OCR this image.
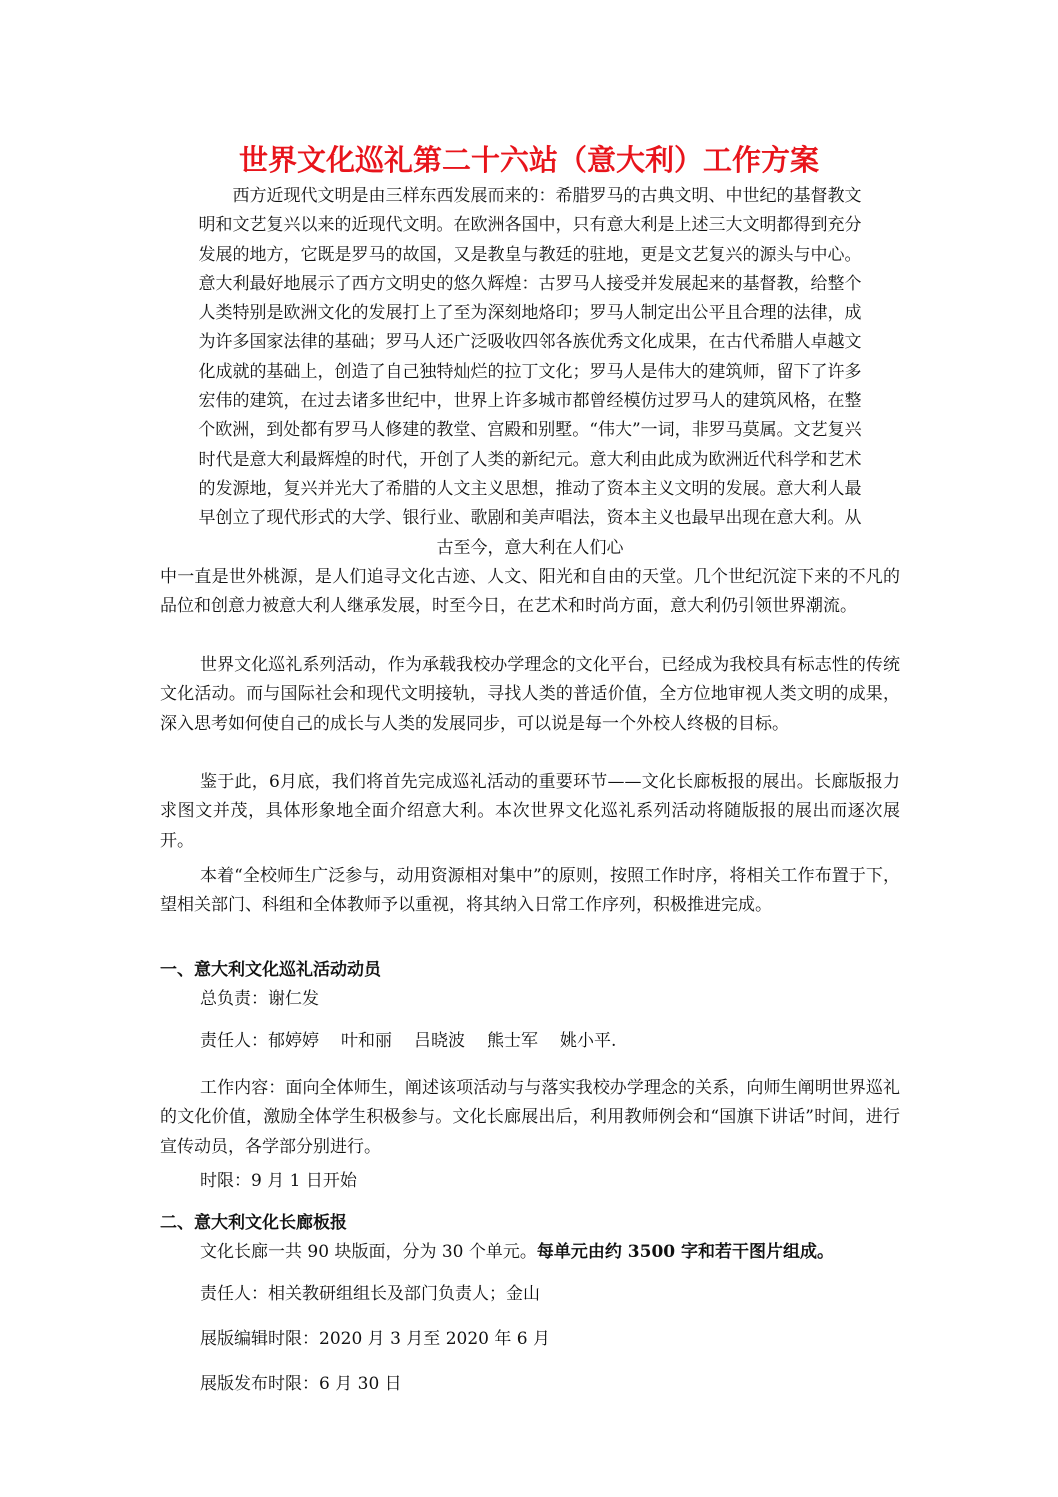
世界文化巡礼第二十六站（意大利）工作方案

　　西方近现代文明是由三样东西发展而来的：希腊罗马的古典文明、中世纪的基督教文

明和文艺复兴以来的近现代文明。在欧洲各国中，只有意大利是上述三大文明都得到充分

发展的地方，它既是罗马的故国，又是教皇与教廷的驻地，更是文艺复兴的源头与中心。

意大利最好地展示了西方文明史的悠久辉煌：古罗马人接受并发展起来的基督教，给整个

人类特别是欧洲文化的发展打上了至为深刻地烙印；罗马人制定出公平且合理的法律，成

为许多国家法律的基础；罗马人还广泛吸收四邻各族优秀文化成果，在古代希腊人卓越文

化成就的基础上，创造了自己独特灿烂的拉丁文化；罗马人是伟大的建筑师，留下了许多

宏伟的建筑，在过去诸多世纪中，世界上许多城市都曾经模仿过罗马人的建筑风格，在整

个欧洲，到处都有罗马人修建的教堂、宫殿和别墅。“伟大”一词，非罗马莫属。文艺复兴

时代是意大利最辉煌的时代，开创了人类的新纪元。意大利由此成为欧洲近代科学和艺术

的发源地，复兴并光大了希腊的人文主义思想，推动了资本主义文明的发展。意大利人最

早创立了现代形式的大学、银行业、歌剧和美声唱法，资本主义也最早出现在意大利。从

古至今，意大利在人们心

中一直是世外桃源，是人们追寻文化古迹、人文、阳光和自由的天堂。几个世纪沉淀下来的不凡的品位和创意力被意大利人继承发展，时至今日，在艺术和时尚方面，意大利仍引领世界潮流。

世界文化巡礼系列活动，作为承载我校办学理念的文化平台，已经成为我校具有标志性的传统文化活动。而与国际社会和现代文明接轨，寻找人类的普适价值，全方位地审视人类文明的成果，深入思考如何使自己的成长与人类的发展同步，可以说是每一个外校人终极的目标。

鉴于此，6月底，我们将首先完成巡礼活动的重要环节——文化长廊板报的展出。长廊版报力求图文并茂，具体形象地全面介绍意大利。本次世界文化巡礼系列活动将随版报的展出而逐次展开。

本着“全校师生广泛参与，动用资源相对集中”的原则，按照工作时序，将相关工作布置于下，望相关部门、科组和全体教师予以重视，将其纳入日常工作序列，积极推进完成。

一、意大利文化巡礼活动动员

总负责：谢仁发

责任人：郁婷婷 叶和丽 吕晓波 熊士军 姚小平.

工作内容：面向全体师生，阐述该项活动与与落实我校办学理念的关系，向师生阐明世界巡礼的文化价值，激励全体学生积极参与。文化长廊展出后，利用教师例会和“国旗下讲话”时间，进行宣传动员，各学部分别进行。

时限：9 月 1 日开始

二、意大利文化长廊板报

文化长廊一共 90 块版面，分为 30 个单元。每单元由约 3500 字和若干图片组成。

责任人：相关教研组组长及部门负责人；金山

展版编辑时限：2020 月 3 月至 2020 年 6 月

展版发布时限：6 月 30 日
